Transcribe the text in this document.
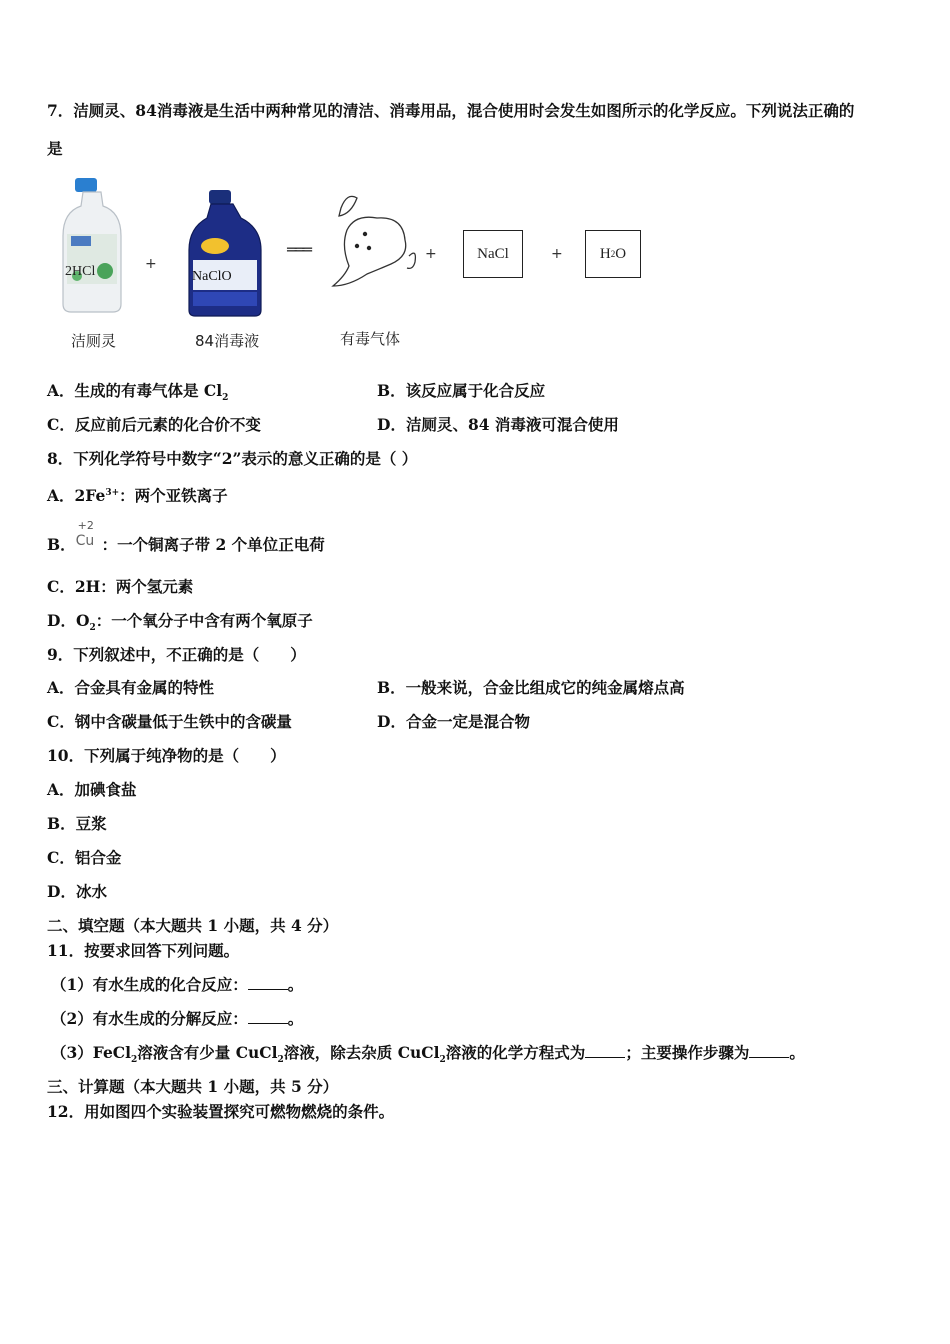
7．洁厕灵、84消毒液是生活中两种常见的清洁、消毒用品，混合使用时会发生如图所示的化学反应。下列说法正确的
是
2HCl
洁厕灵
+
NaClO
84消毒液
═══
有毒气体
+	NaCl	+ H 2 O
A．生成的有毒气体是 $Cl_2$	B．该反应属于化合反应
C．反应前后元素的化合价不变	D．洁厕灵、84 消毒液可混合使用
8．下列化学符号中数字“2”表示的意义正确的是（ ）
A．$2Fe^{3+}$：两个亚铁离子
B．
+2
Cu ：一个铜离子带 2 个单位正电荷
C．2H：两个氢元素
D．$O_2$：一个氧分子中含有两个氧原子
9．下列叙述中，不正确的是（　　）
A．合金具有金属的特性	B．一般来说，合金比组成它的纯金属熔点高
C．钢中含碳量低于生铁中的含碳量	D．合金一定是混合物
10．下列属于纯净物的是（　　）
A．加碘食盐
B．豆浆
C．铝合金
D．冰水
二、填空题（本大题共 1 小题，共 4 分）
11．按要求回答下列问题。
（1）有水生成的化合反应：	。
（2）有水生成的分解反应：	。
（3）FeCl$_2$溶液含有少量 CuCl$_2$溶液，除去杂质 CuCl$_2$溶液的化学方程式为	；主要操作步骤为	。
三、计算题（本大题共 1 小题，共 5 分）
12．用如图四个实验装置探究可燃物燃烧的条件。
